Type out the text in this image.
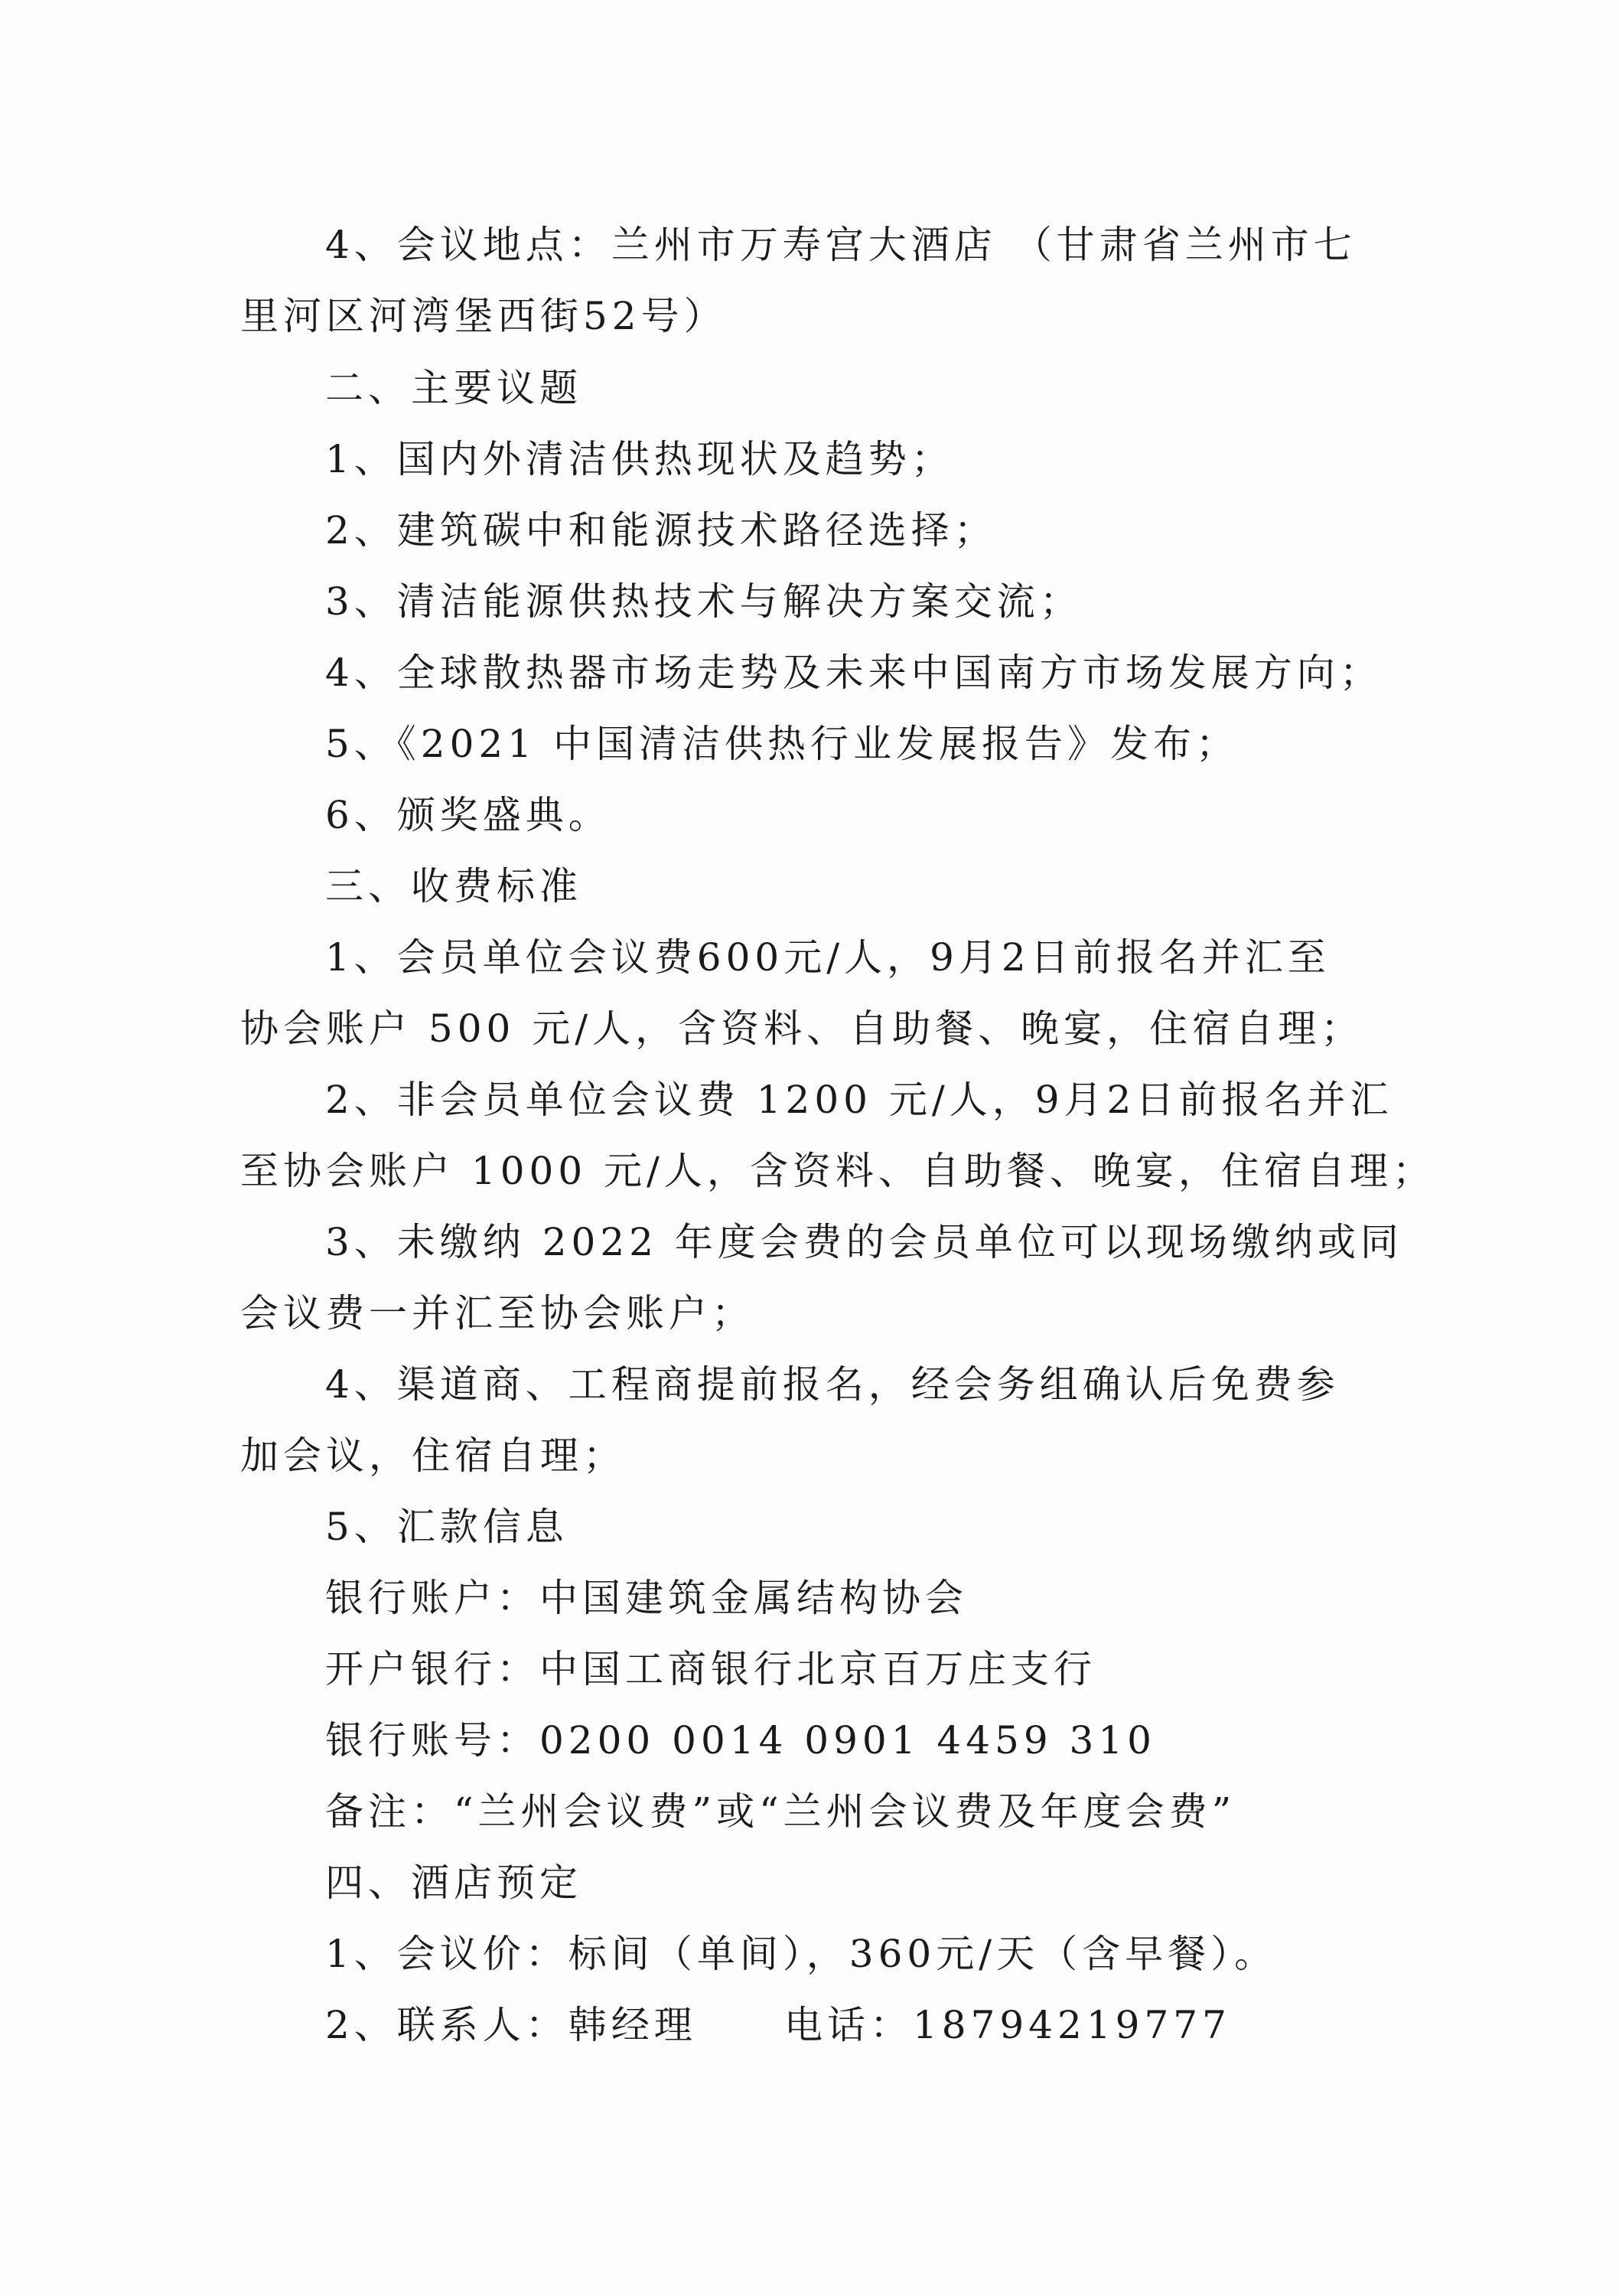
4、会议地点：兰州市万寿宫大酒店 （甘肃省兰州市七
里河区河湾堡西街52号）
二、主要议题
1、国内外清洁供热现状及趋势；
2、建筑碳中和能源技术路径选择；
3、清洁能源供热技术与解决方案交流；
4、全球散热器市场走势及未来中国南方市场发展方向；
5、《2021 中国清洁供热行业发展报告》发布；
6、颁奖盛典。
三、收费标准
1、会员单位会议费600元/人，9月2日前报名并汇至
协会账户 500 元/人，含资料、自助餐、晚宴，住宿自理；
2、非会员单位会议费 1200 元/人，9月2日前报名并汇
至协会账户 1000 元/人，含资料、自助餐、晚宴，住宿自理；
3、未缴纳 2022 年度会费的会员单位可以现场缴纳或同
会议费一并汇至协会账户；
4、渠道商、工程商提前报名，经会务组确认后免费参
加会议，住宿自理；
5、汇款信息
银行账户：中国建筑金属结构协会
开户银行：中国工商银行北京百万庄支行
银行账号：0200 0014 0901 4459 310
备注：“兰州会议费”或“兰州会议费及年度会费”
四、酒店预定
1、会议价：标间（单间），360元/天（含早餐）。
2、联系人：韩经理 电话：18794219777
